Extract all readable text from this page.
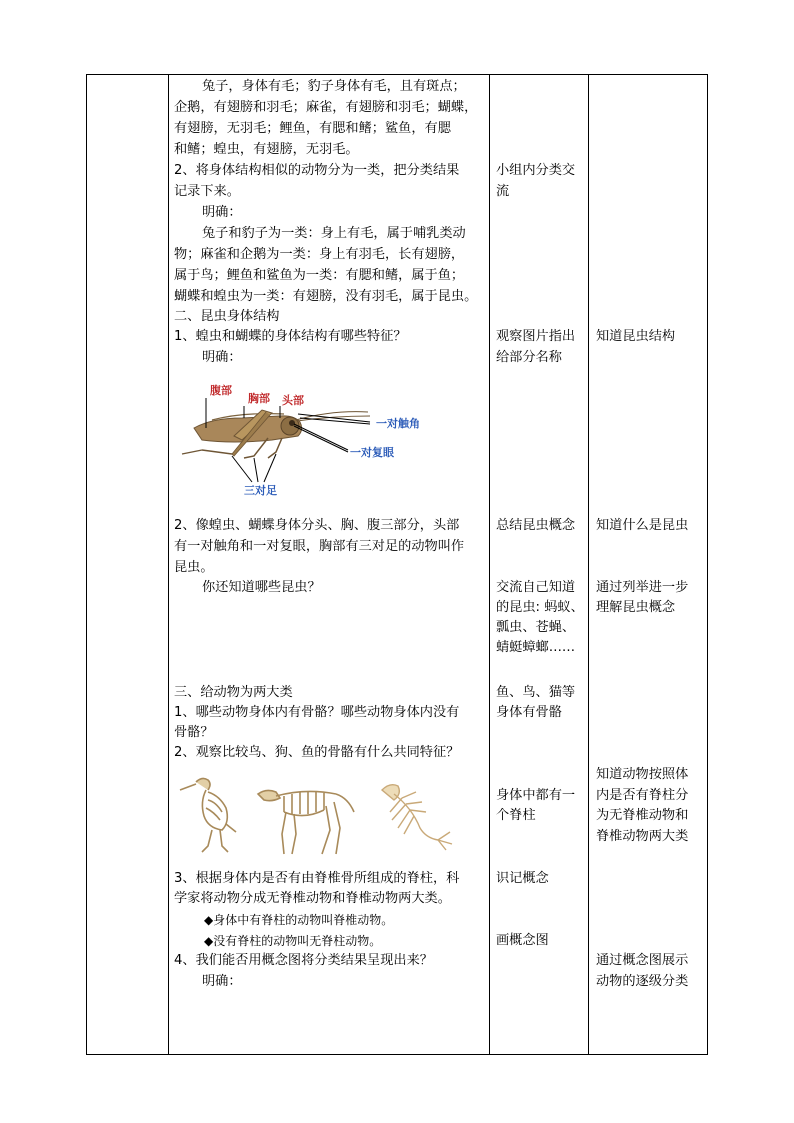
兔子，身体有毛；豹子身体有毛，且有斑点；
企鹅，有翅膀和羽毛；麻雀，有翅膀和羽毛；蝴蝶，
有翅膀，无羽毛；鲤鱼，有腮和鳍；鲨鱼，有腮
和鳍；蝗虫，有翅膀，无羽毛。
2、将身体结构相似的动物分为一类，把分类结果
记录下来。
明确：
兔子和豹子为一类：身上有毛，属于哺乳类动
物；麻雀和企鹅为一类：身上有羽毛，长有翅膀，
属于鸟；鲤鱼和鲨鱼为一类：有腮和鳍，属于鱼；
蝴蝶和蝗虫为一类：有翅膀，没有羽毛，属于昆虫。
二、昆虫身体结构
1、蝗虫和蝴蝶的身体结构有哪些特征？
明确：
腹部
胸部 头部
一对触角
一对复眼
三对足
2、像蝗虫、蝴蝶身体分头、胸、腹三部分，头部
有一对触角和一对复眼，胸部有三对足的动物叫作
昆虫。
你还知道哪些昆虫？
三、给动物为两大类
1、哪些动物身体内有骨骼？哪些动物身体内没有
骨骼？
2、观察比较鸟、狗、鱼的骨骼有什么共同特征？
3、根据身体内是否有由脊椎骨所组成的脊柱，科
学家将动物分成无脊椎动物和脊椎动物两大类。
◆身体中有脊柱的动物叫脊椎动物。
◆没有脊柱的动物叫无脊柱动物。
4、我们能否用概念图将分类结果呈现出来？
明确：
小组内分类交
流
观察图片指出
给部分名称
总结昆虫概念
交流自己知道
的昆虫: 蚂蚁、
瓢虫、苍蝇、
蜻蜓蟑螂……
鱼、鸟、猫等
身体有骨骼
身体中都有一
个脊柱
识记概念
画概念图
知道昆虫结构
知道什么是昆虫
通过列举进一步
理解昆虫概念
知道动物按照体
内是否有脊柱分
为无脊椎动物和
脊椎动物两大类
通过概念图展示
动物的逐级分类
